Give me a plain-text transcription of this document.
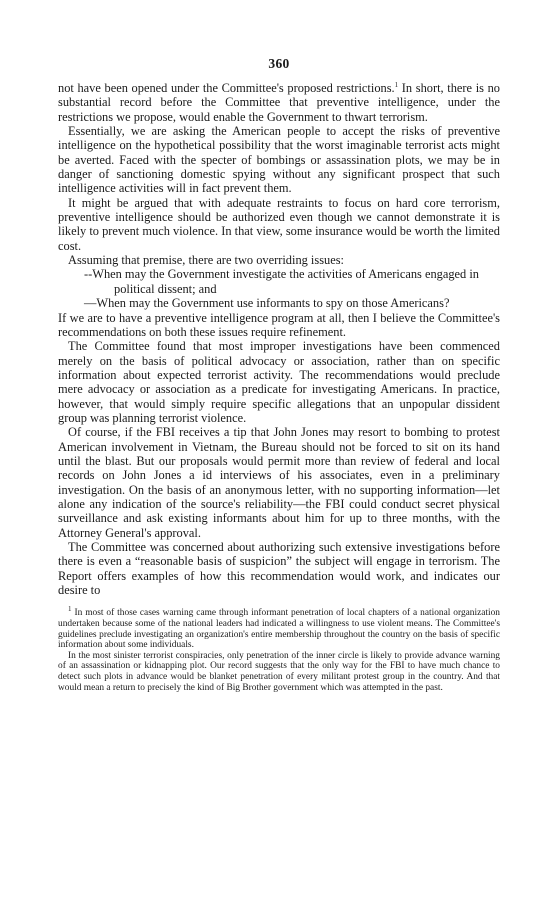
360

not have been opened under the Committee's proposed restrictions.$^1$ In short, there is no substantial record before the Committee that preventive intelligence, under the restrictions we propose, would enable the Government to thwart terrorism.

Essentially, we are asking the American people to accept the risks of preventive intelligence on the hypothetical possibility that the worst imaginable terrorist acts might be averted. Faced with the specter of bombings or assassination plots, we may be in danger of sanctioning domestic spying without any significant prospect that such intelligence activities will in fact prevent them.

It might be argued that with adequate restraints to focus on hard core terrorism, preventive intelligence should be authorized even though we cannot demonstrate it is likely to prevent much violence. In that view, some insurance would be worth the limited cost.

Assuming that premise, there are two overriding issues:

--When may the Government investigate the activities of Americans engaged in political dissent; and
—When may the Government use informants to spy on those Americans?

If we are to have a preventive intelligence program at all, then I believe the Committee's recommendations on both these issues require refinement.

The Committee found that most improper investigations have been commenced merely on the basis of political advocacy or association, rather than on specific information about expected terrorist activity. The recommendations would preclude mere advocacy or association as a predicate for investigating Americans. In practice, however, that would simply require specific allegations that an unpopular dissident group was planning terrorist violence.

Of course, if the FBI receives a tip that John Jones may resort to bombing to protest American involvement in Vietnam, the Bureau should not be forced to sit on its hand until the blast. But our proposals would permit more than review of federal and local records on John Jones a id interviews of his associates, even in a preliminary investigation. On the basis of an anonymous letter, with no supporting information—let alone any indication of the source's reliability—the FBI could conduct secret physical surveillance and ask existing informants about him for up to three months, with the Attorney General's approval.

The Committee was concerned about authorizing such extensive investigations before there is even a “reasonable basis of suspicion” the subject will engage in terrorism. The Report offers examples of how this recommendation would work, and indicates our desire to

$^1$ In most of those cases warning came through informant penetration of local chapters of a national organization undertaken because some of the national leaders had indicated a willingness to use violent means. The Committee's guidelines preclude investigating an organization's entire membership throughout the country on the basis of specific information about some individuals.

In the most sinister terrorist conspiracies, only penetration of the inner circle is likely to provide advance warning of an assassination or kidnapping plot. Our record suggests that the only way for the FBI to have much chance to detect such plots in advance would be blanket penetration of every militant protest group in the country. And that would mean a return to precisely the kind of Big Brother government which was attempted in the past.
